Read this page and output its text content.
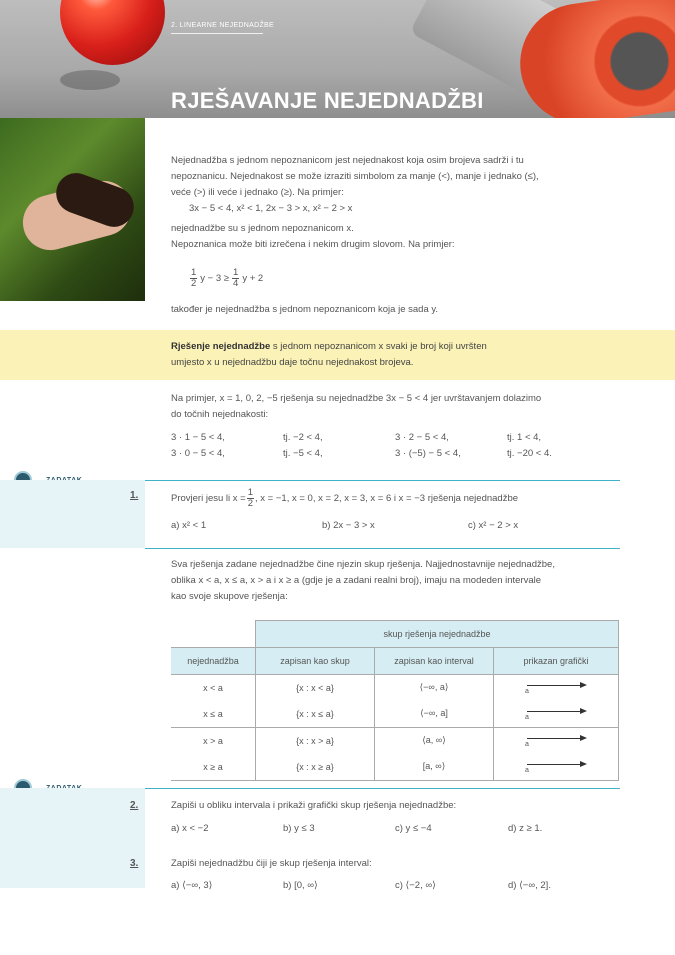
2. LINEARNE NEJEDNADŽBE
RJEŠAVANJE NEJEDNADŽBI
Nejednadžba s jednom nepoznanicom jest nejednakost koja osim brojeva sadrži i tu
nepoznanicu. Nejednakost se može izraziti simbolom za manje (<), manje i jednako (≤),
veće (>) ili veće i jednako (≥). Na primjer:
3x − 5 < 4, x² < 1, 2x − 3 > x, x² − 2 > x
nejednadžbe su s jednom nepoznanicom x.
Nepoznanica može biti izrečena i nekim drugim slovom. Na primjer:
$\frac{1}{2}$ $y - 3 \ge \frac{1}{4}$ y + 2
također je nejednadžba s jednom nepoznanicom koja je sada y.
Rješenje nejednadžbe s jednom nepoznanicom x svaki je broj koji uvršten
umjesto x u nejednadžbu daje točnu nejednakost brojeva.
Na primjer, x = 1, 0, 2, −5 rješenja su nejednadžbe 3x − 5 < 4 jer uvrštavanjem dolazimo
do točnih nejednakosti:
3 · 1 − 5 < 4,	tj. −2 < 4,	3 · 2 − 5 < 4,	tj. 1 < 4,
3 · 0 − 5 < 4,	tj. −5 < 4,	3 · (−5) − 5 < 4,	tj. −20 < 4.
1.	Provjeri jesu li $x = \frac{1}{2}$ , x = −1, x = 0, x = 2, x = 3, x = 6 i x = −3 rješenja nejednadžbe
a) x² < 1	b) 2x − 3 > x	c) x² − 2 > x
Sva rješenja zadane nejednadžbe čine njezin skup rješenja. Najjednostavnije nejednadžbe,
oblika x < a, x ≤ a, x > a i x ≥ a (gdje je a zadani realni broj), imaju na modeden intervale
kao svoje skupove rješenja:
	skup rješenja nejednadžbe		
nejednadžba	zapisan kao skup	zapisan kao interval	prikazan grafički
x < a	{x : x < a}	⟨−∞, a⟩	a

x ≤ a	{x : x ≤ a}	⟨−∞, a]	a

x > a	{x : x > a}	⟨a, ∞⟩	a

x ≥ a	{x : x ≥ a}	[a, ∞⟩	a
2.	Zapiši u obliku intervala i prikaži grafički skup rješenja nejednadžbe:
a) x < −2	b) y ≤ 3	c) y ≤ −4	d) z ≥ 1.
3.	Zapiši nejednadžbu čiji je skup rješenja interval:
a) ⟨−∞, 3⟩	b) [0, ∞⟩	c) ⟨−2, ∞⟩	d) ⟨−∞, 2].
